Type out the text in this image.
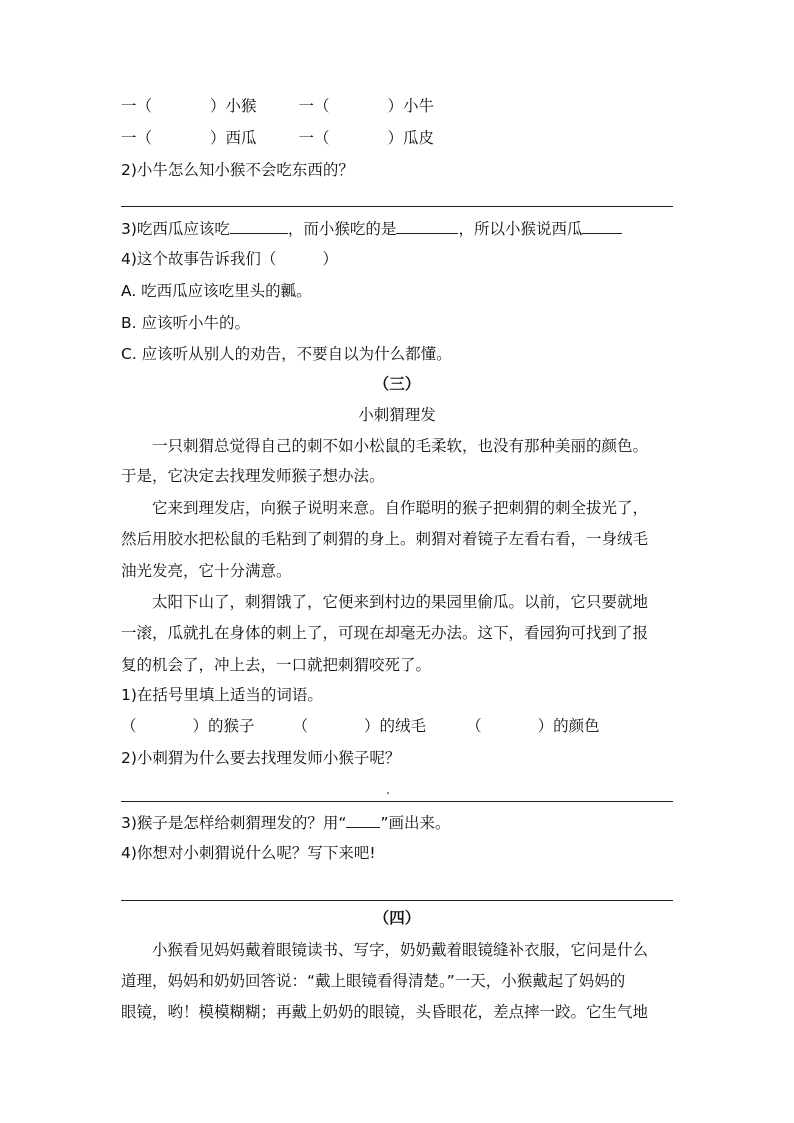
一（	）小猴	一（	）小牛
一（	）西瓜	一（	）瓜皮
2)小牛怎么知小猴不会吃东西的？
3)吃西瓜应该吃	，而小猴吃的是	，所以小猴说西瓜
4)这个故事告诉我们（	）
A. 吃西瓜应该吃里头的瓤。
B. 应该听小牛的。
C. 应该听从别人的劝告，不要自以为什么都懂。
（三）
小刺猬理发
一只刺猬总觉得自己的刺不如小松鼠的毛柔软，也没有那种美丽的颜色。
于是，它决定去找理发师猴子想办法。
它来到理发店，向猴子说明来意。自作聪明的猴子把刺猬的刺全拔光了，
然后用胶水把松鼠的毛粘到了刺猬的身上。刺猬对着镜子左看右看，一身绒毛
油光发亮，它十分满意。
太阳下山了，刺猬饿了，它便来到村边的果园里偷瓜。以前，它只要就地
一滚，瓜就扎在身体的刺上了，可现在却毫无办法。这下，看园狗可找到了报
复的机会了，冲上去，一口就把刺猬咬死了。
1)在括号里填上适当的词语。
（	）的猴子 （	）的绒毛	（	）的颜色
2)小刺猬为什么要去找理发师小猴子呢？
3)猴子是怎样给刺猬理发的？用“ ”画出来。
4)你想对小刺猬说什么呢？写下来吧!
（四）
小猴看见妈妈戴着眼镜读书、写字，奶奶戴着眼镜缝补衣服，它问是什么
道理，妈妈和奶奶回答说：“戴上眼镜看得清楚。”一天，小猴戴起了妈妈的
眼镜，哟！模模糊糊；再戴上奶奶的眼镜，头昏眼花，差点摔一跤。它生气地
